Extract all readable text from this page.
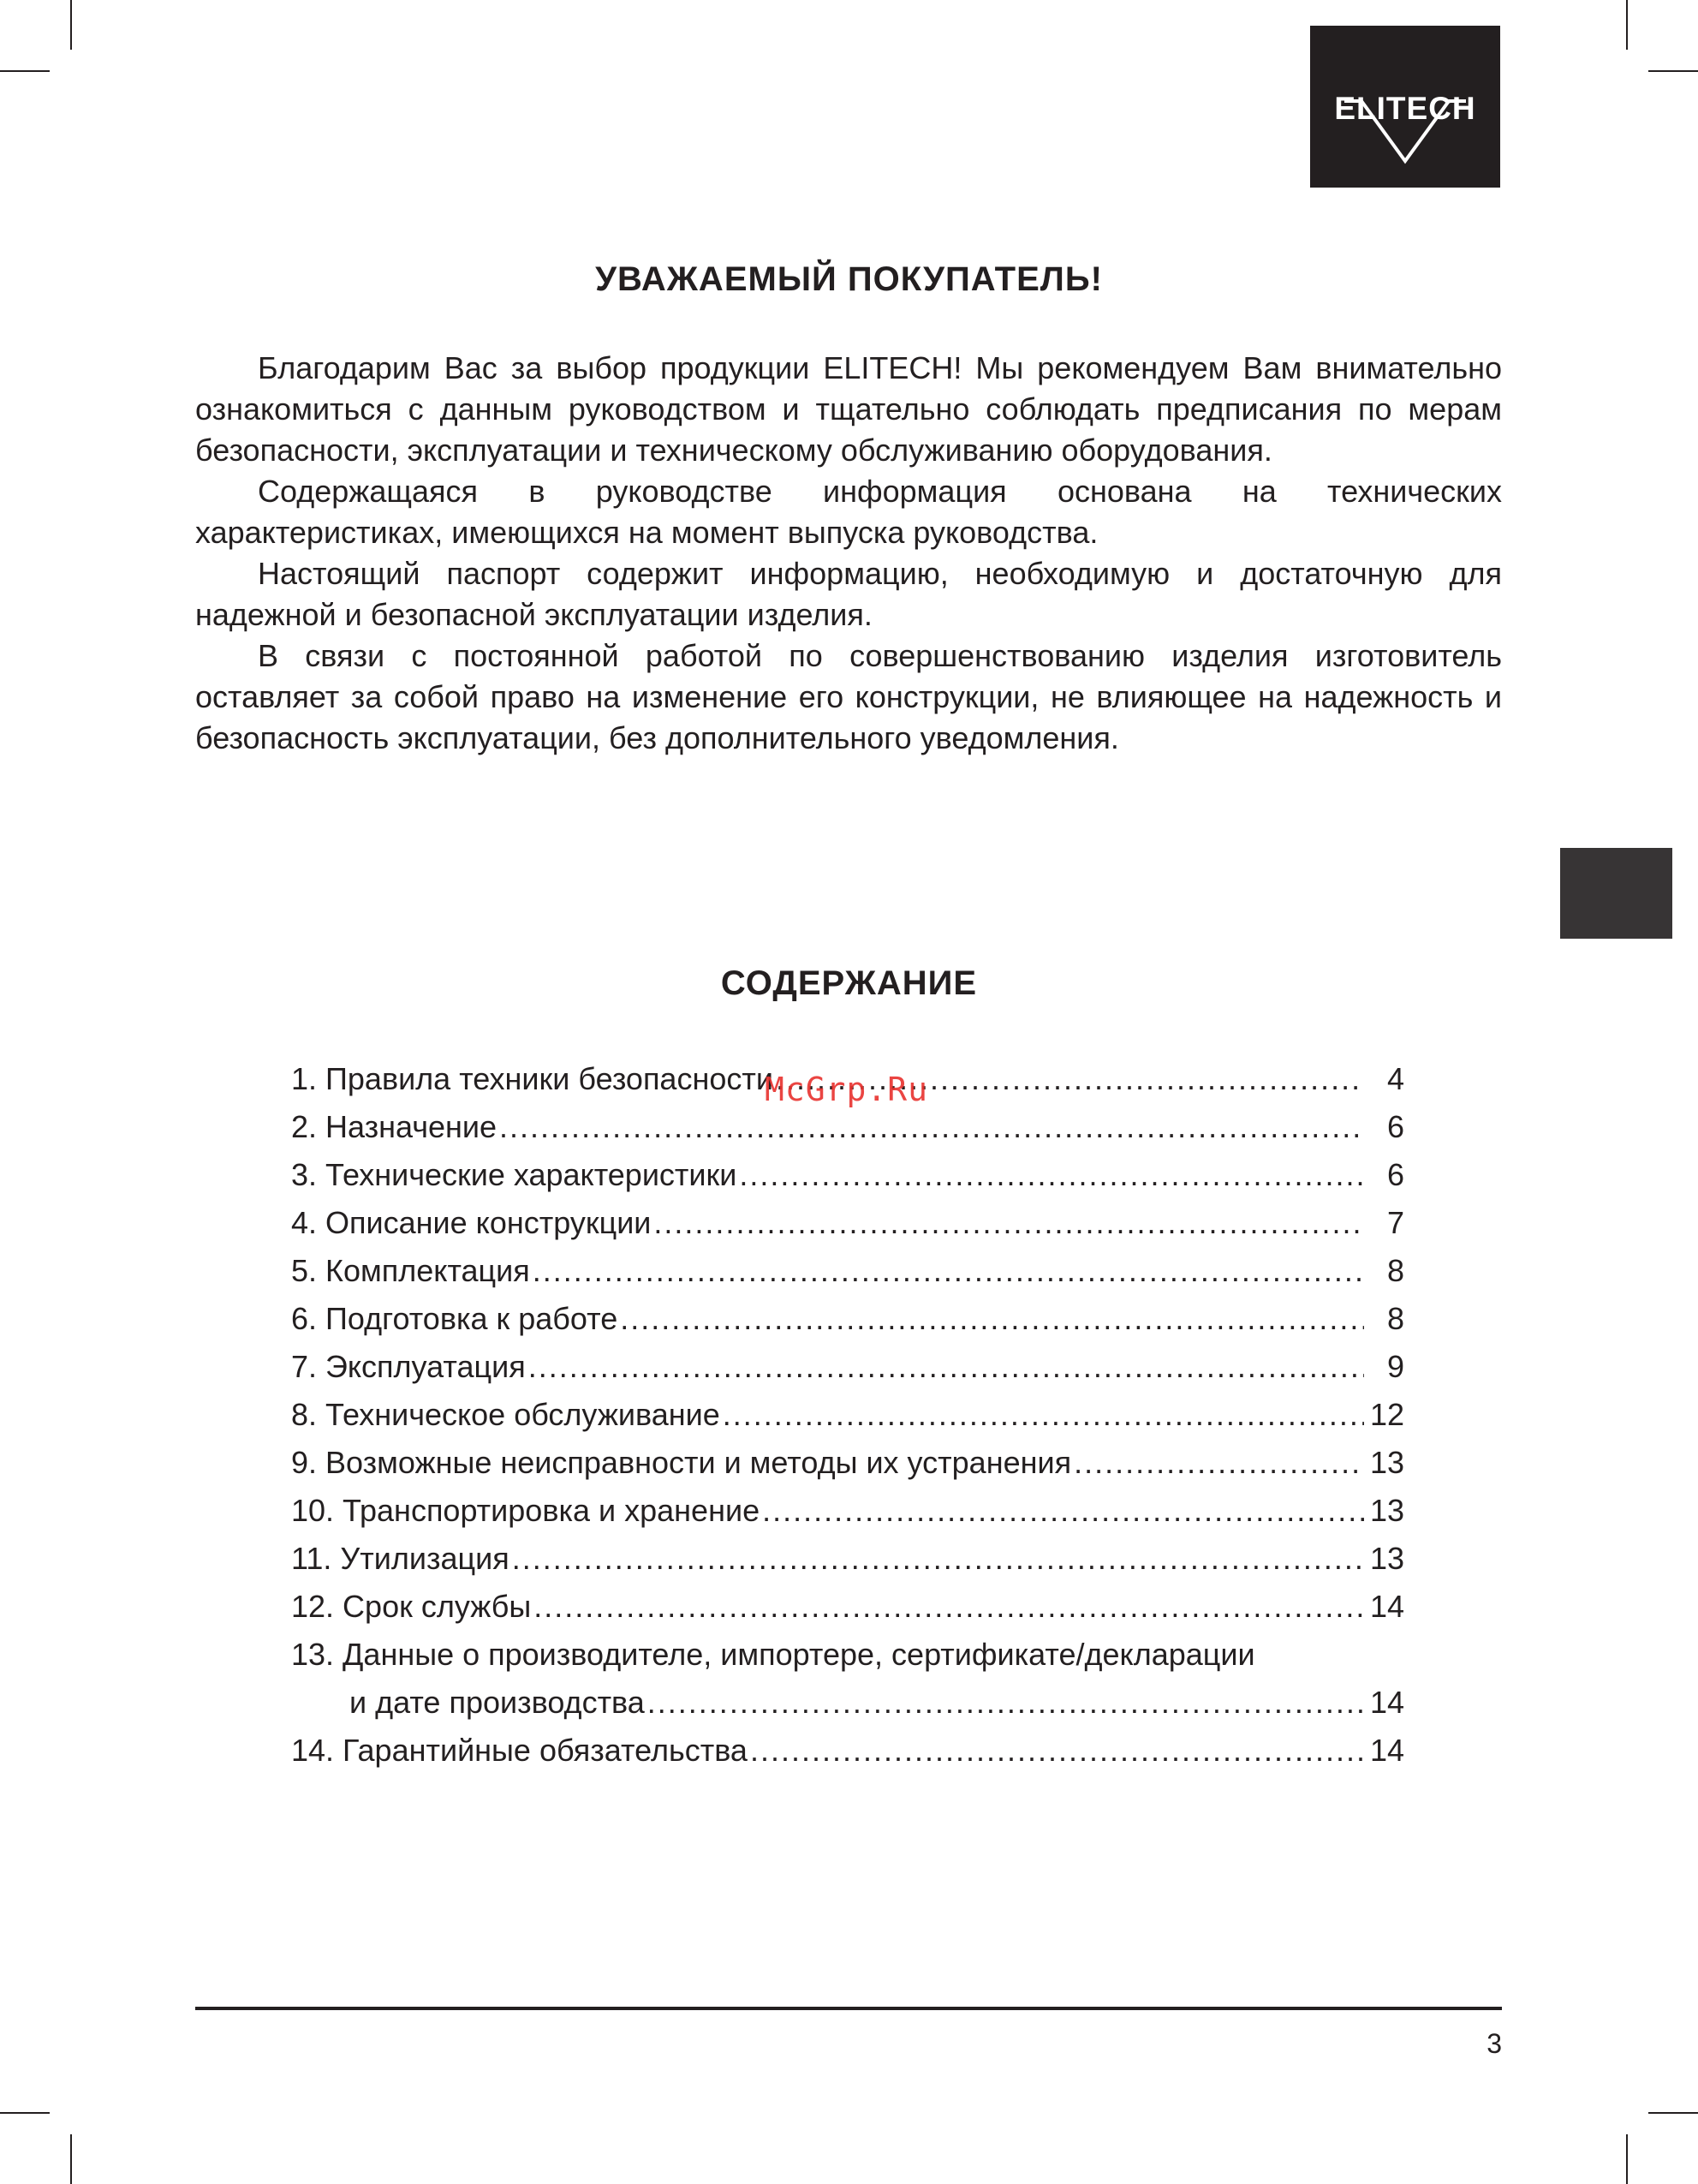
ELITECH
УВАЖАЕМЫЙ ПОКУПАТЕЛЬ!

Благодарим Вас за выбор продукции ELITECH! Мы рекомендуем Вам внимательно ознакомиться с данным руководством и тщательно соблюдать предписания по мерам безопасности, эксплуатации и техническому обслуживанию оборудования.

Содержащаяся в руководстве информация основана на технических характеристиках, имеющихся на момент выпуска руководства.

Настоящий паспорт содержит информацию, необходимую и достаточную для надежной и безопасной эксплуатации изделия.

В связи с постоянной работой по совершенствованию изделия изготовитель оставляет за собой право на изменение его конструкции, не влияющее на надежность и безопасность эксплуатации, без дополнительного уведомления.

СОДЕРЖАНИЕ
1. Правила техники безопасности .....	4
2. Назначение .....	6
3. Технические характеристики .....	6
4. Описание конструкции .....	7
5. Комплектация .....	8
6. Подготовка к работе .....	8
7. Эксплуатация .....	9
8. Техническое обслуживание .....	12
9. Возможные неисправности и методы их устранения .....	13
10. Транспортировка и хранение .....	13
11. Утилизация .....	13
12. Срок службы .....	14
13. Данные о производителе, импортере, сертификате/декларации
и дате производства .....	14
14. Гарантийные обязательства .....	14
McGrp.Ru
3
